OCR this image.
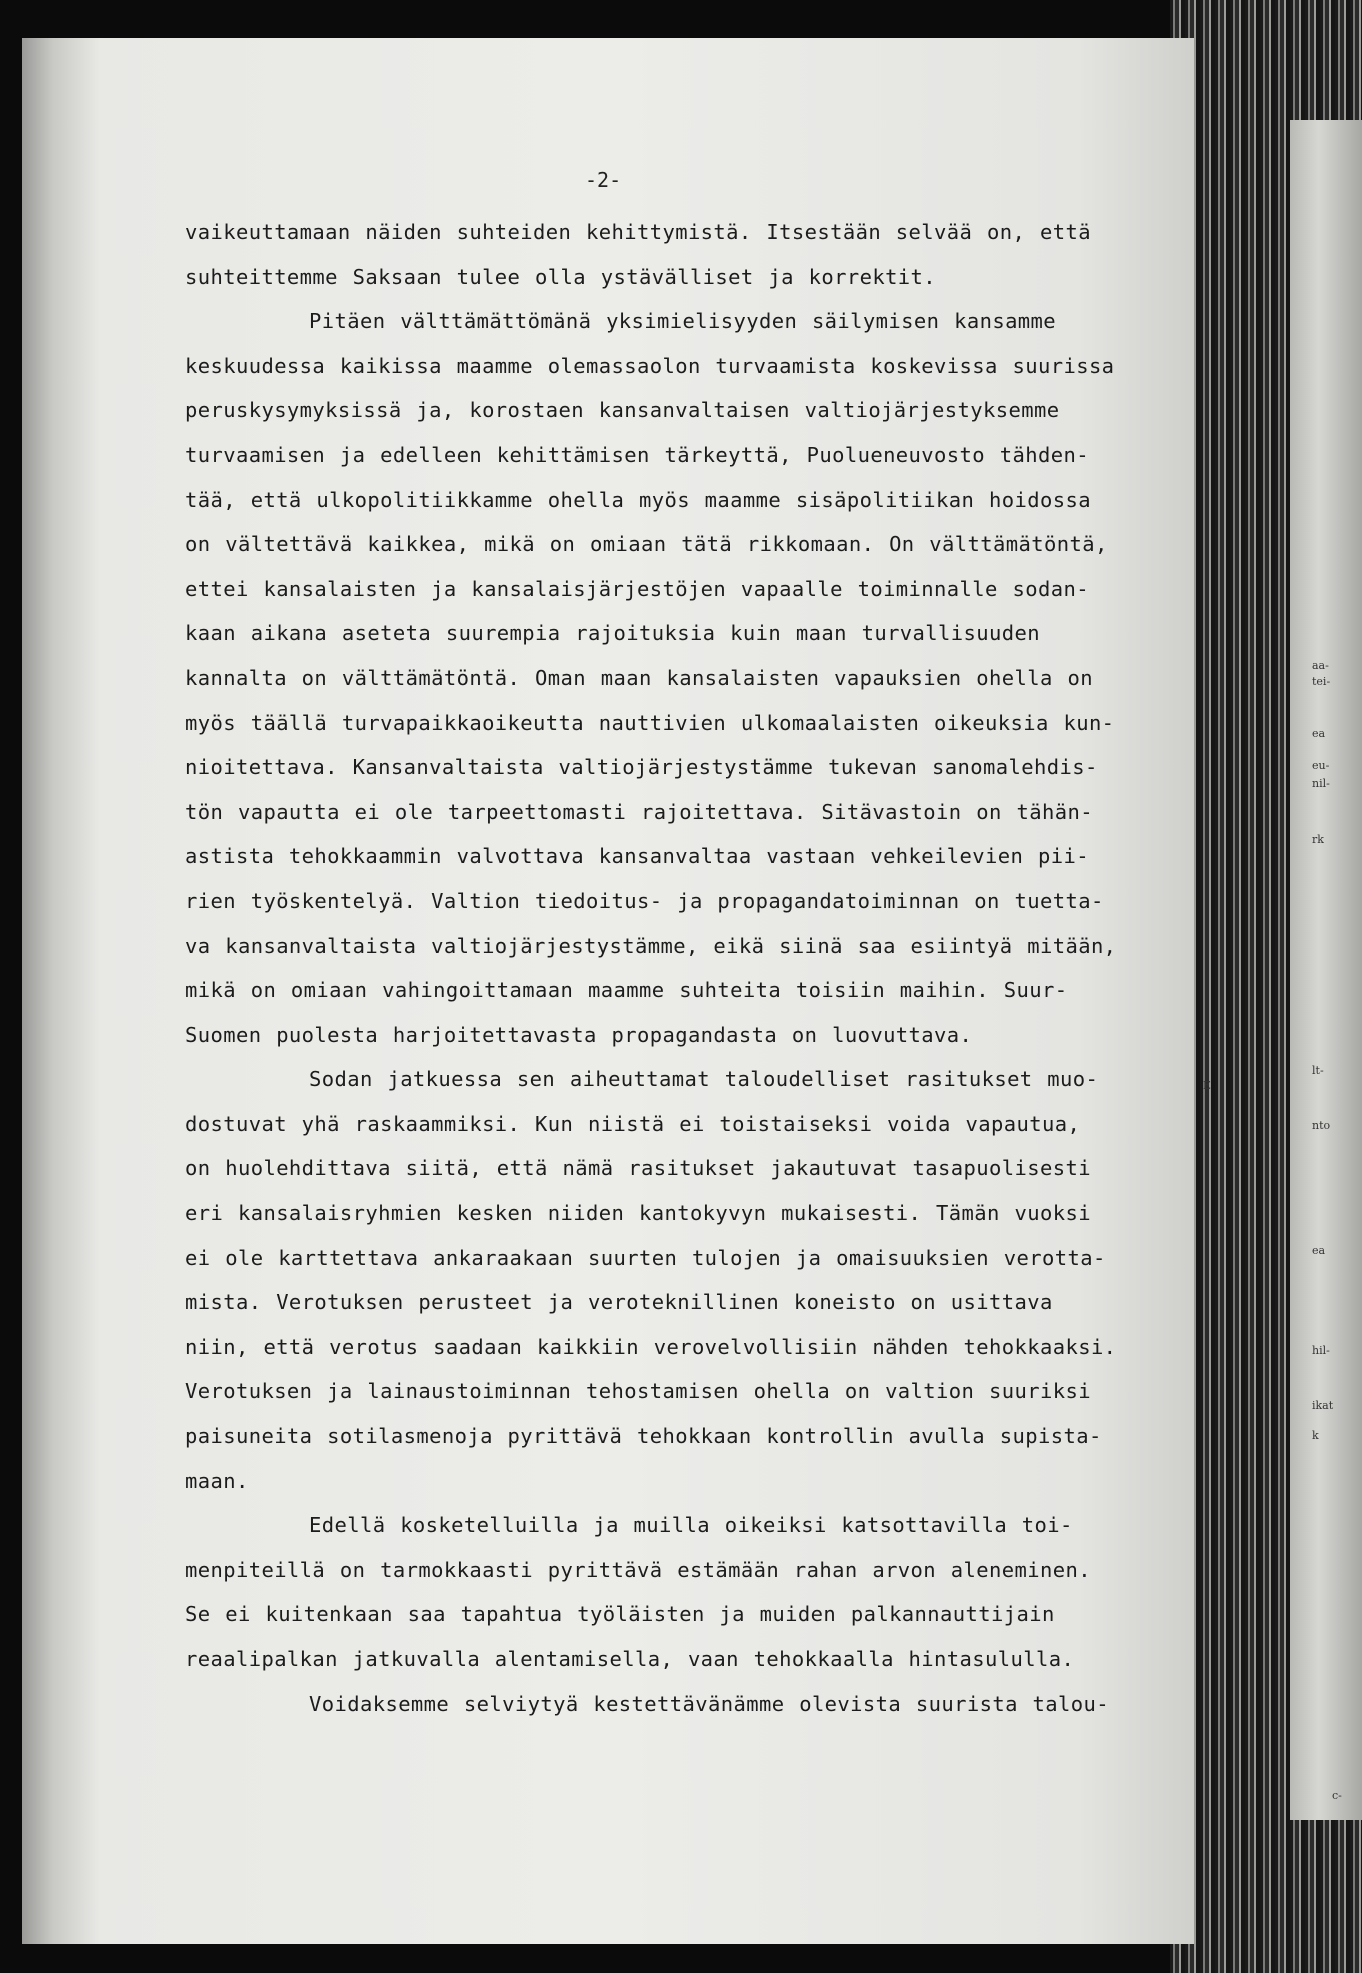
aa-
tei-
ea
eu-
nil-
rk
lt-
nto
ea
hil-
ikat
k
E
c-
-2-
vaikeuttamaan näiden suhteiden kehittymistä. Itsestään selvää on, että
suhteittemme Saksaan tulee olla ystävälliset ja korrektit.
Pitäen välttämättömänä yksimielisyyden säilymisen kansamme
keskuudessa kaikissa maamme olemassaolon turvaamista koskevissa suurissa
peruskysymyksissä ja, korostaen kansanvaltaisen valtiojärjestyksemme
turvaamisen ja edelleen kehittämisen tärkeyttä, Puolueneuvosto tähden-
tää, että ulkopolitiikkamme ohella myös maamme sisäpolitiikan hoidossa
on vältettävä kaikkea, mikä on omiaan tätä rikkomaan. On välttämätöntä,
ettei kansalaisten ja kansalaisjärjestöjen vapaalle toiminnalle sodan-
kaan aikana aseteta suurempia rajoituksia kuin maan turvallisuuden
kannalta on välttämätöntä. Oman maan kansalaisten vapauksien ohella on
myös täällä turvapaikkaoikeutta nauttivien ulkomaalaisten oikeuksia kun-
nioitettava. Kansanvaltaista valtiojärjestystämme tukevan sanomalehdis-
tön vapautta ei ole tarpeettomasti rajoitettava. Sitävastoin on tähän-
astista tehokkaammin valvottava kansanvaltaa vastaan vehkeilevien pii-
rien työskentelyä. Valtion tiedoitus- ja propagandatoiminnan on tuetta-
va kansanvaltaista valtiojärjestystämme, eikä siinä saa esiintyä mitään,
mikä on omiaan vahingoittamaan maamme suhteita toisiin maihin. Suur-
Suomen puolesta harjoitettavasta propagandasta on luovuttava.
Sodan jatkuessa sen aiheuttamat taloudelliset rasitukset muo-
dostuvat yhä raskaammiksi. Kun niistä ei toistaiseksi voida vapautua,
on huolehdittava siitä, että nämä rasitukset jakautuvat tasapuolisesti
eri kansalaisryhmien kesken niiden kantokyvyn mukaisesti. Tämän vuoksi
ei ole karttettava ankaraakaan suurten tulojen ja omaisuuksien verotta-
mista. Verotuksen perusteet ja veroteknillinen koneisto on usittava
niin, että verotus saadaan kaikkiin verovelvollisiin nähden tehokkaaksi.
Verotuksen ja lainaustoiminnan tehostamisen ohella on valtion suuriksi
paisuneita sotilasmenoja pyrittävä tehokkaan kontrollin avulla supista-
maan.
Edellä kosketelluilla ja muilla oikeiksi katsottavilla toi-
menpiteillä on tarmokkaasti pyrittävä estämään rahan arvon aleneminen.
Se ei kuitenkaan saa tapahtua työläisten ja muiden palkannauttijain
reaalipalkan jatkuvalla alentamisella, vaan tehokkaalla hintasululla.
Voidaksemme selviytyä kestettävänämme olevista suurista talou-
